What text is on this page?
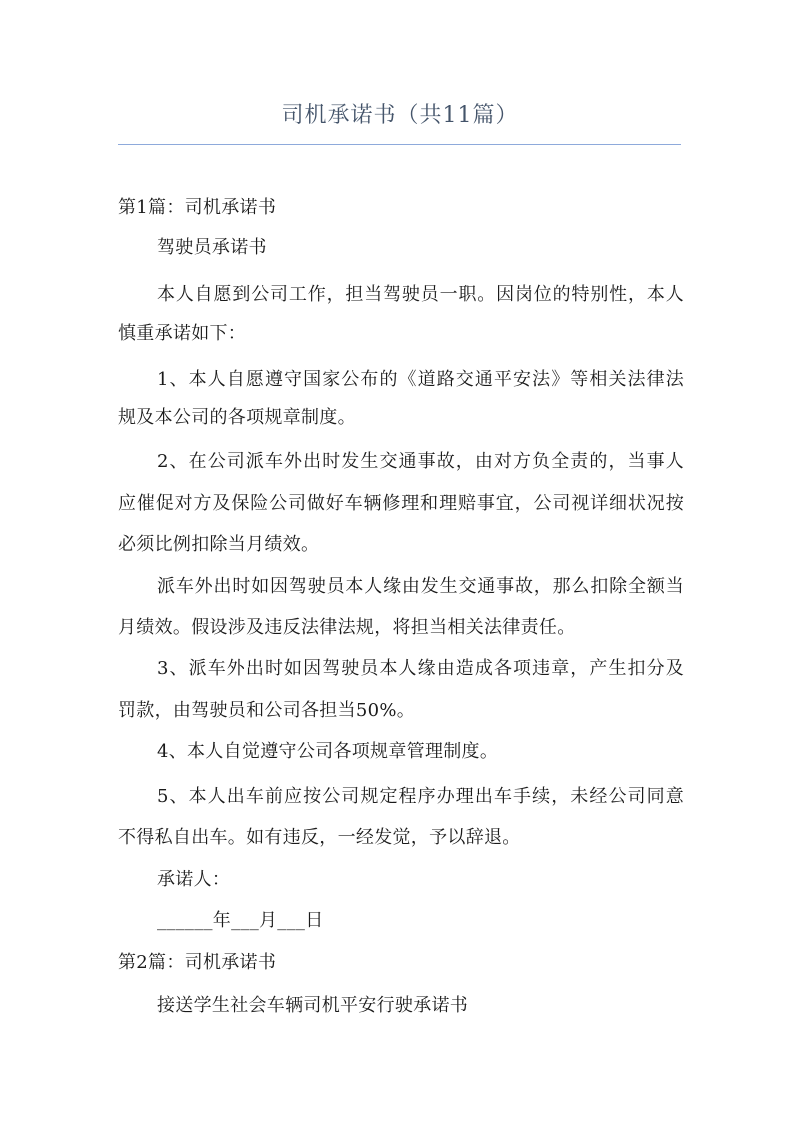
司机承诺书（共11篇）
第1篇：司机承诺书
驾驶员承诺书
本人自愿到公司工作，担当驾驶员一职。因岗位的特别性，本人
慎重承诺如下：
1、本人自愿遵守国家公布的《道路交通平安法》等相关法律法
规及本公司的各项规章制度。
2、在公司派车外出时发生交通事故，由对方负全责的，当事人
应催促对方及保险公司做好车辆修理和理赔事宜，公司视详细状况按
必须比例扣除当月绩效。
派车外出时如因驾驶员本人缘由发生交通事故，那么扣除全额当
月绩效。假设涉及违反法律法规，将担当相关法律责任。
3、派车外出时如因驾驶员本人缘由造成各项违章，产生扣分及
罚款，由驾驶员和公司各担当50%。
4、本人自觉遵守公司各项规章管理制度。
5、本人出车前应按公司规定程序办理出车手续，未经公司同意
不得私自出车。如有违反，一经发觉，予以辞退。
承诺人：
______年___月___日
第2篇：司机承诺书
接送学生社会车辆司机平安行驶承诺书
